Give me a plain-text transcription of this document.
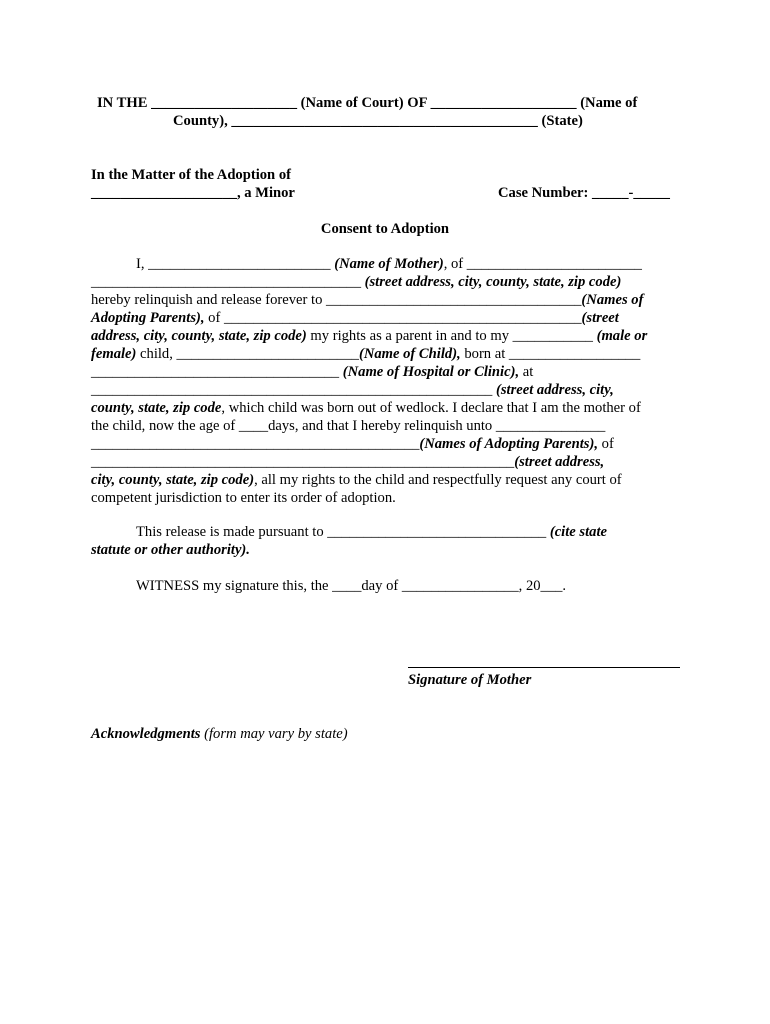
IN THE ____________________ (Name of Court) OF ____________________ (Name of
County), __________________________________________ (State)
In the Matter of the Adoption of
____________________, a Minor	Case Number: _____-_____
Consent to Adoption
I, _________________________ (Name of Mother), of ________________________
_____________________________________ (street address, city, county, state, zip code)
hereby relinquish and release forever to ___________________________________(Names of
Adopting Parents), of _________________________________________________(street
address, city, county, state, zip code) my rights as a parent in and to my ___________ (male or
female) child, _________________________(Name of Child), born at __________________
__________________________________ (Name of Hospital or Clinic), at
_______________________________________________________ (street address, city,
county, state, zip code, which child was born out of wedlock. I declare that I am the mother of
the child, now the age of ____days, and that I hereby relinquish unto _______________
_____________________________________________(Names of Adopting Parents), of
__________________________________________________________(street address,
city, county, state, zip code), all my rights to the child and respectfully request any court of
competent jurisdiction to enter its order of adoption.
This release is made pursuant to ______________________________ (cite state
statute or other authority).
WITNESS my signature this, the ____day of ________________, 20___.
Signature of Mother
Acknowledgments (form may vary by state)
